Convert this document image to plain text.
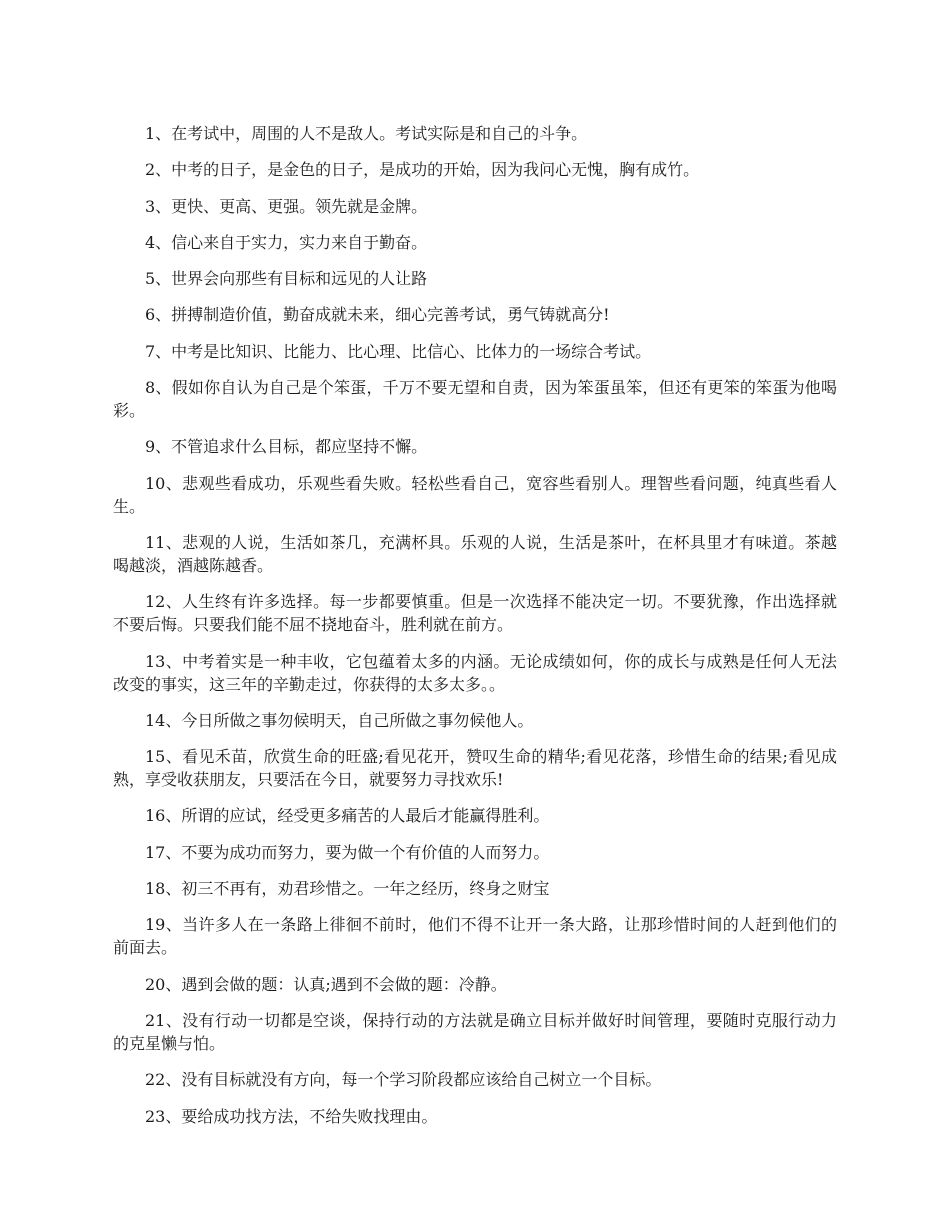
1、在考试中，周围的人不是敌人。考试实际是和自己的斗争。

2、中考的日子，是金色的日子，是成功的开始，因为我问心无愧，胸有成竹。

3、更快、更高、更强。领先就是金牌。

4、信心来自于实力，实力来自于勤奋。

5、世界会向那些有目标和远见的人让路

6、拼搏制造价值，勤奋成就未来，细心完善考试，勇气铸就高分!

7、中考是比知识、比能力、比心理、比信心、比体力的一场综合考试。

8、假如你自认为自己是个笨蛋，千万不要无望和自责，因为笨蛋虽笨，但还有更笨的笨蛋为他喝彩。

9、不管追求什么目标，都应坚持不懈。

10、悲观些看成功，乐观些看失败。轻松些看自己，宽容些看别人。理智些看问题，纯真些看人生。

11、悲观的人说，生活如茶几，充满杯具。乐观的人说，生活是茶叶，在杯具里才有味道。茶越喝越淡，酒越陈越香。

12、人生终有许多选择。每一步都要慎重。但是一次选择不能决定一切。不要犹豫，作出选择就不要后悔。只要我们能不屈不挠地奋斗，胜利就在前方。

13、中考着实是一种丰收，它包蕴着太多的内涵。无论成绩如何，你的成长与成熟是任何人无法改变的事实，这三年的辛勤走过，你获得的太多太多。。

14、今日所做之事勿候明天，自己所做之事勿候他人。

15、看见禾苗，欣赏生命的旺盛;看见花开，赞叹生命的精华;看见花落，珍惜生命的结果;看见成熟，享受收获朋友，只要活在今日，就要努力寻找欢乐!

16、所谓的应试，经受更多痛苦的人最后才能赢得胜利。

17、不要为成功而努力，要为做一个有价值的人而努力。

18、初三不再有，劝君珍惜之。一年之经历，终身之财宝

19、当许多人在一条路上徘徊不前时，他们不得不让开一条大路，让那珍惜时间的人赶到他们的前面去。

20、遇到会做的题：认真;遇到不会做的题：冷静。

21、没有行动一切都是空谈，保持行动的方法就是确立目标并做好时间管理，要随时克服行动力的克星懒与怕。

22、没有目标就没有方向，每一个学习阶段都应该给自己树立一个目标。

23、要给成功找方法，不给失败找理由。
